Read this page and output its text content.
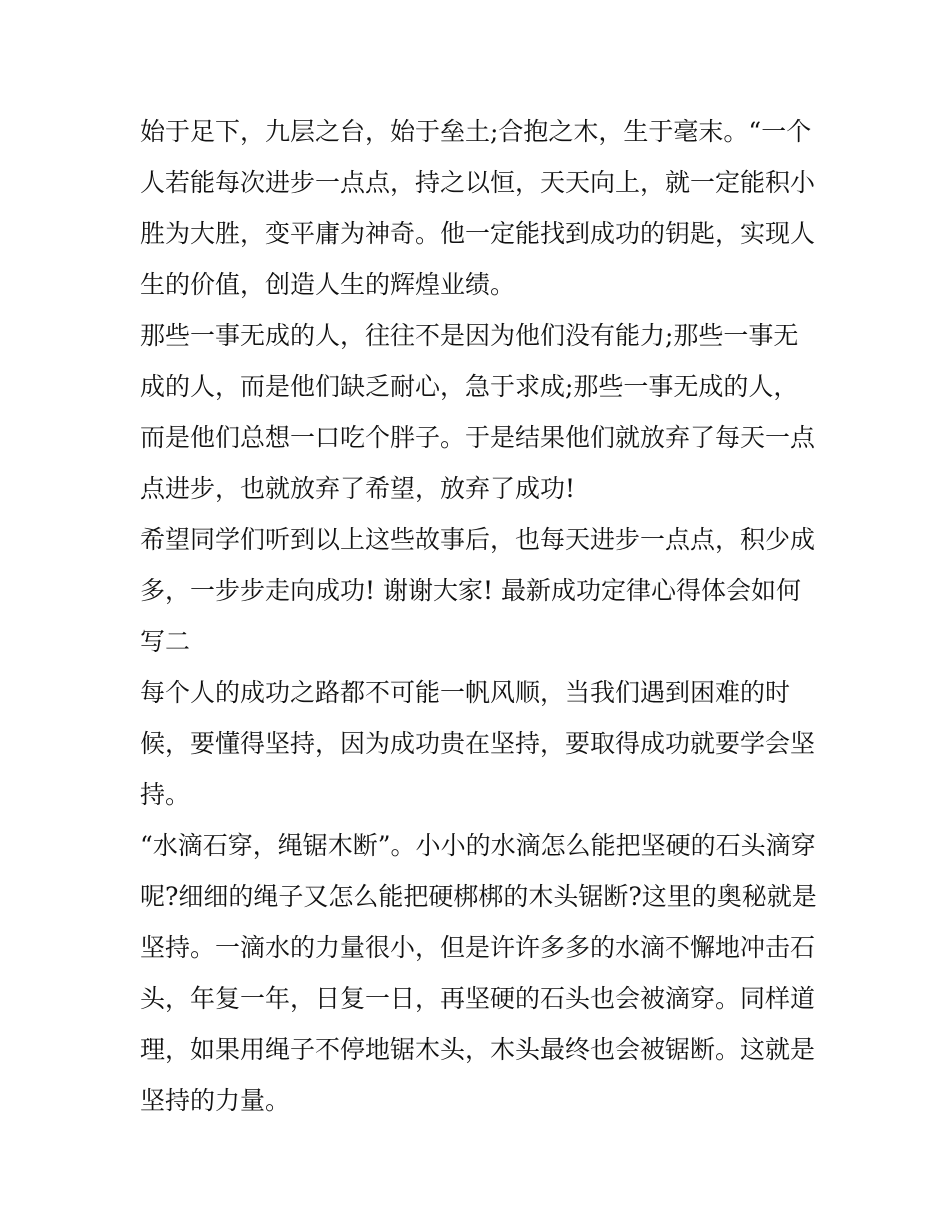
始于足下，九层之台，始于垒土;合抱之木，生于毫末。“一个

人若能每次进步一点点，持之以恒，天天向上，就一定能积小

胜为大胜，变平庸为神奇。他一定能找到成功的钥匙，实现人

生的价值，创造人生的辉煌业绩。

那些一事无成的人，往往不是因为他们没有能力;那些一事无

成的人，而是他们缺乏耐心，急于求成;那些一事无成的人，

而是他们总想一口吃个胖子。于是结果他们就放弃了每天一点

点进步，也就放弃了希望，放弃了成功!

希望同学们听到以上这些故事后，也每天进步一点点，积少成

多，一步步走向成功! 谢谢大家! 最新成功定律心得体会如何

写二

每个人的成功之路都不可能一帆风顺，当我们遇到困难的时

候，要懂得坚持，因为成功贵在坚持，要取得成功就要学会坚

持。

“水滴石穿，绳锯木断”。小小的水滴怎么能把坚硬的石头滴穿

呢?细细的绳子又怎么能把硬梆梆的木头锯断?这里的奥秘就是

坚持。一滴水的力量很小，但是许许多多的水滴不懈地冲击石

头，年复一年，日复一日，再坚硬的石头也会被滴穿。同样道

理，如果用绳子不停地锯木头，木头最终也会被锯断。这就是

坚持的力量。
